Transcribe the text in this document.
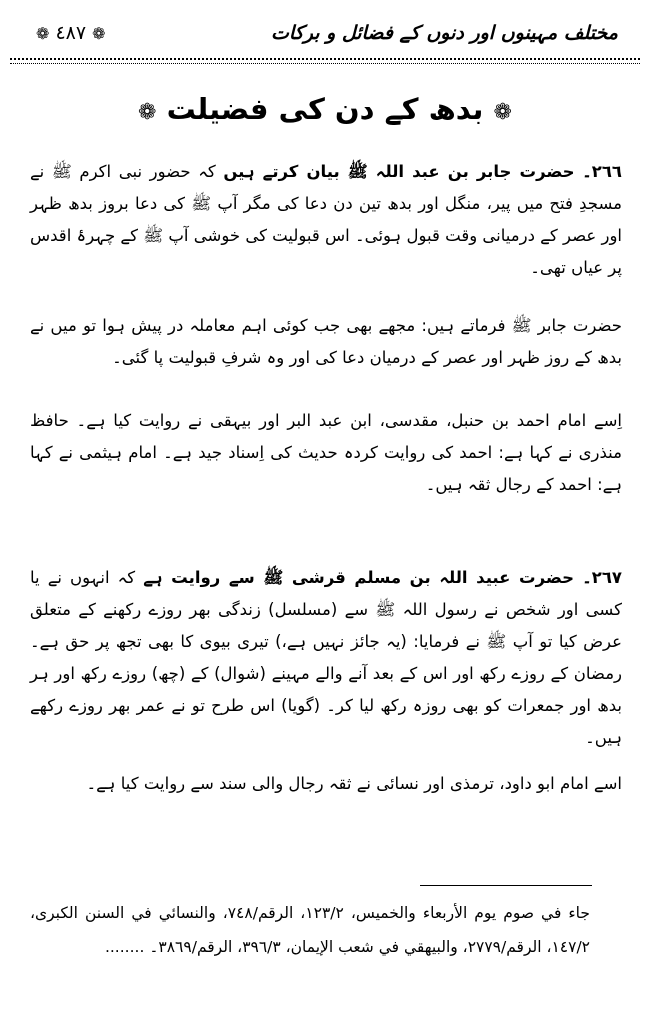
مختلف مہینوں اور دنوں کے فضائل و برکات
❁ ٤٨٧ ❁
❁ بدھ کے دن کی فضیلت ❁
٢٦٦۔ حضرت جابر بن عبد اللہ ﷺ بیان کرتے ہیں کہ حضور نبی اکرم ﷺ نے مسجدِ فتح میں پیر، منگل اور بدھ تین دن دعا کی مگر آپ ﷺ کی دعا بروز بدھ ظہر اور عصر کے درمیانی وقت قبول ہوئی۔ اس قبولیت کی خوشی آپ ﷺ کے چہرۂ اقدس پر عیاں تھی۔
حضرت جابر ﷺ فرماتے ہیں: مجھے بھی جب کوئی اہم معاملہ در پیش ہوا تو میں نے بدھ کے روز ظہر اور عصر کے درمیان دعا کی اور وہ شرفِ قبولیت پا گئی۔
اِسے امام احمد بن حنبل، مقدسی، ابن عبد البر اور بیہقی نے روایت کیا ہے۔ حافظ منذری نے کہا ہے: احمد کی روایت کردہ حدیث کی اِسناد جید ہے۔ امام ہیثمی نے کہا ہے: احمد کے رجال ثقہ ہیں۔
٢٦٧۔ حضرت عبید اللہ بن مسلم قرشی ﷺ سے روایت ہے کہ انہوں نے یا کسی اور شخص نے رسول اللہ ﷺ سے (مسلسل) زندگی بھر روزے رکھنے کے متعلق عرض کیا تو آپ ﷺ نے فرمایا: (یہ جائز نہیں ہے،) تیری بیوی کا بھی تجھ پر حق ہے۔ رمضان کے روزے رکھ اور اس کے بعد آنے والے مہینے (شوال) کے (چھ) روزے رکھ اور ہر بدھ اور جمعرات کو بھی روزہ رکھ لیا کر۔ (گویا) اس طرح تو نے عمر بھر روزے رکھے ہیں۔
اسے امام ابو داود، ترمذی اور نسائی نے ثقہ رجال والی سند سے روایت کیا ہے۔
جاء في صوم يوم الأربعاء والخميس، ١٢٣/٢، الرقم/٧٤٨، والنسائي في السنن الكبرى، ١٤٧/٢، الرقم/٢٧٧٩، والبيهقي في شعب الإيمان، ٣٩٦/٣، الرقم/٣٨٦٩۔ ........
